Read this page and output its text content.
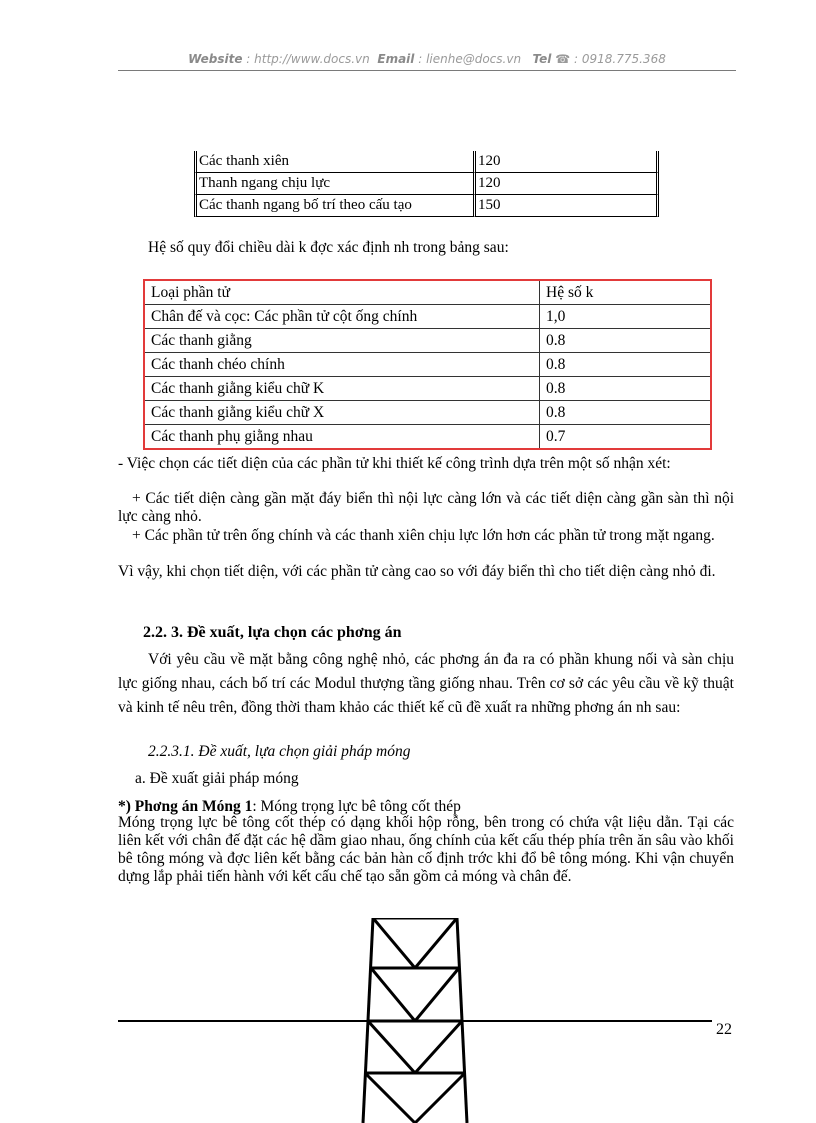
Website : http://www.docs.vn Email : lienhe@docs.vn Tel ☎ : 0918.775.368
Các thanh xiên	120
Thanh ngang chịu lực	120
Các thanh ngang bố trí theo cấu tạo	150
Hệ số quy đổi chiều dài k đợc xác định nh trong bảng sau:
Loại phần tử	Hệ số k
Chân đế và cọc: Các phần tử cột ống chính	1,0
Các thanh giằng	0.8
Các thanh chéo chính	0.8
Các thanh giằng kiểu chữ K	0.8
Các thanh giằng kiểu chữ X	0.8
Các thanh phụ giằng nhau	0.7
- Việc chọn các tiết diện của các phần tử khi thiết kế công trình dựa trên một số nhận xét:
+ Các tiết diện càng gần mặt đáy biển thì nội lực càng lớn và các tiết diện càng gần sàn thì nội lực càng nhỏ.
+ Các phần tử trên ống chính và các thanh xiên chịu lực lớn hơn các phần tử trong mặt ngang.
Vì vậy, khi chọn tiết diện, với các phần tử càng cao so với đáy biển thì cho tiết diện càng nhỏ đi.
2.2. 3. Đề xuất, lựa chọn các phơng án
Với yêu cầu về mặt bằng công nghệ nhỏ, các phơng án đa ra có phần khung nối và sàn chịu lực giống nhau, cách bố trí các Modul thượng tầng giống nhau. Trên cơ sở các yêu cầu về kỹ thuật và kinh tế nêu trên, đồng thời tham khảo các thiết kế cũ đề xuất ra những phơng án nh sau:
2.2.3.1. Đề xuất, lựa chọn giải pháp móng
a. Đề xuất giải pháp móng
*) Phơng án Móng 1: Móng trọng lực bê tông cốt thép
Móng trọng lực bê tông cốt thép có dạng khối hộp rỗng, bên trong có chứa vật liệu dằn. Tại các liên kết với chân đế đặt các hệ dầm giao nhau, ống chính của kết cấu thép phía trên ăn sâu vào khối bê tông móng và đợc liên kết bằng các bản hàn cố định trớc khi đổ bê tông móng. Khi vận chuyển dựng lắp phải tiến hành với kết cấu chế tạo sẵn gồm cả móng và chân đế.
22
